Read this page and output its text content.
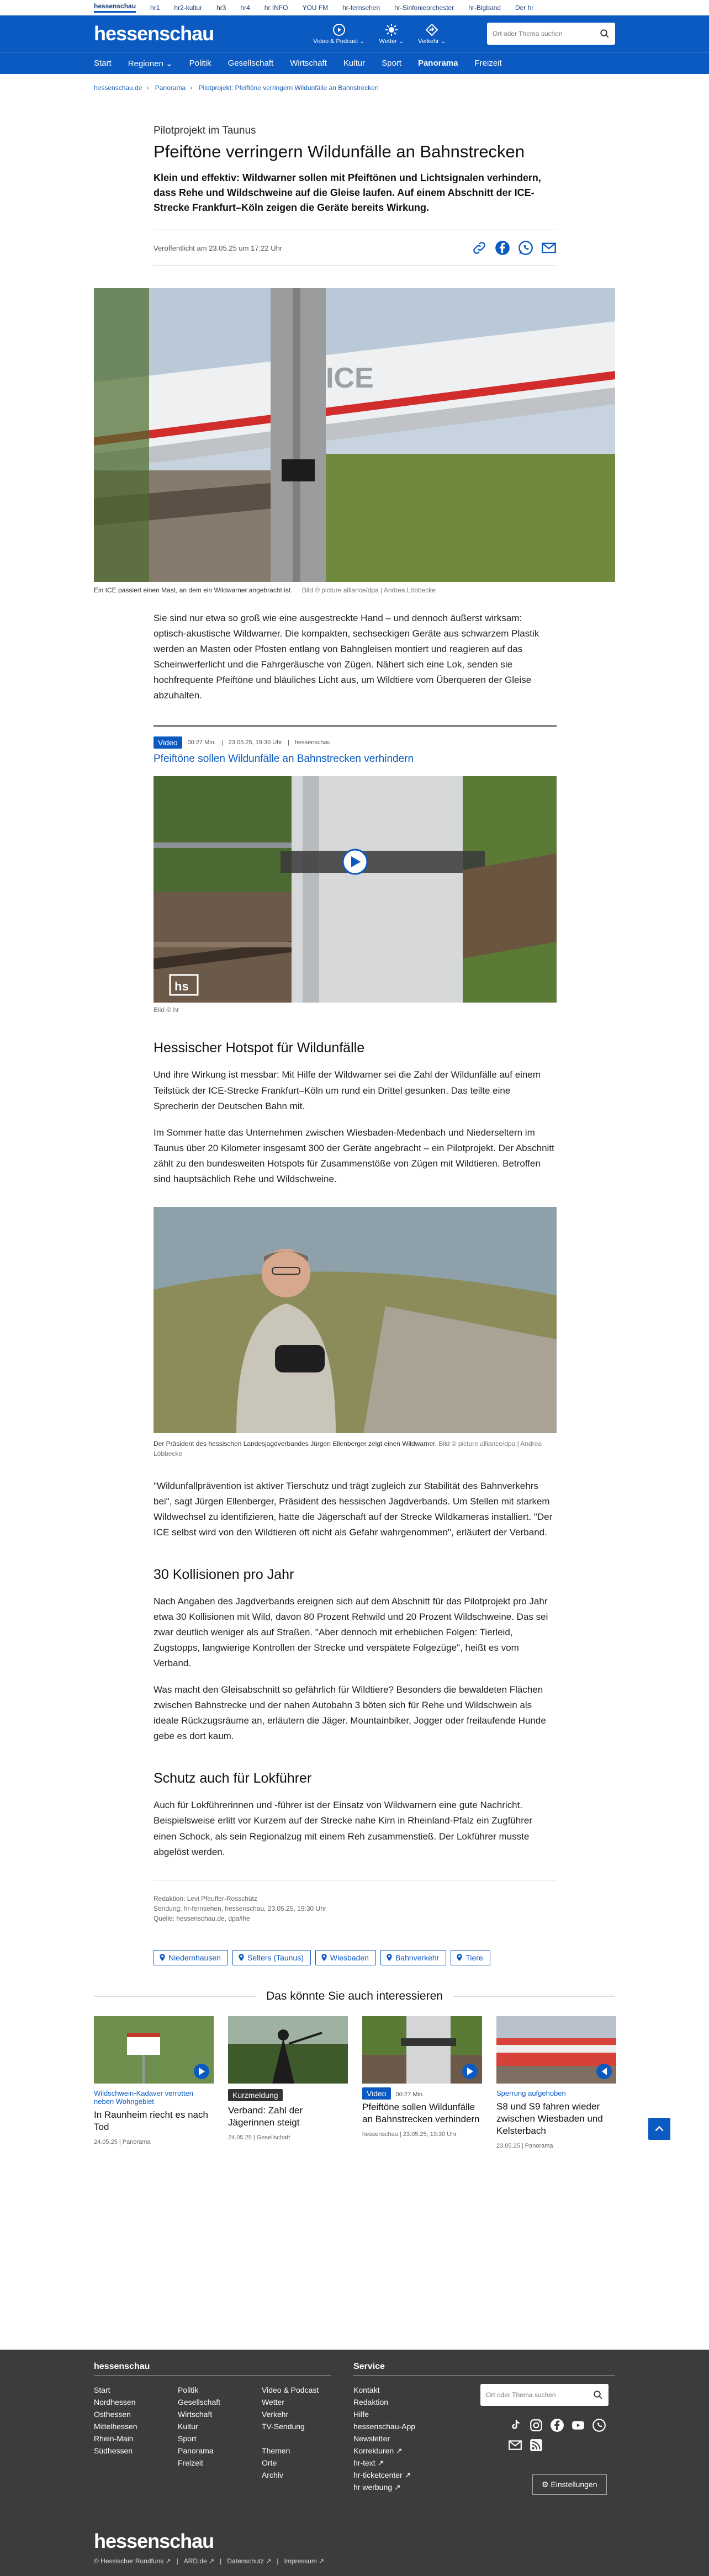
hessenschau hr1 hr2-kultur hr3 hr4 hr INFO YOU FM hr-fernsehen hr-Sinfonieorchester hr-Bigband Der hr
hessenschau	Video & Podcast ⌄ Wetter ⌄ Verkehr ⌄
Ort oder Thema suchen
Start Regionen ⌄ Politik Gesellschaft Wirtschaft Kultur Sport Panorama Freizeit
hessenschau.de › Panorama › Pilotprojekt: Pfeiftöne verringern Wildunfälle an Bahnstrecken
Pilotprojekt im Taunus
Pfeiftöne verringern Wildunfälle an Bahnstrecken
Klein und effektiv: Wildwarner sollen mit Pfeiftönen und Lichtsignalen verhindern, dass Rehe und Wildschweine auf die Gleise laufen. Auf einem Abschnitt der ICE-Strecke Frankfurt–Köln zeigen die Geräte bereits Wirkung.
Veröffentlicht am 23.05.25 um 17:22 Uhr
ICE
Ein ICE passiert einen Mast, an dem ein Wildwarner angebracht ist. Bild © picture alliance/dpa | Andrea Löbbecke

Sie sind nur etwa so groß wie eine ausgestreckte Hand – und dennoch äußerst wirksam: optisch-akustische Wildwarner. Die kompakten, sechseckigen Geräte aus schwarzem Plastik werden an Masten oder Pfosten entlang von Bahngleisen montiert und reagieren auf das Scheinwerferlicht und die Fahrgeräusche von Zügen. Nähert sich eine Lok, senden sie hochfrequente Pfeiftöne und bläuliches Licht aus, um Wildtiere vom Überqueren der Gleise abzuhalten.

Video	00:27 Min. | 23.05.25, 19:30 Uhr | hessenschau
Pfeiftöne sollen Wildunfälle an Bahnstrecken verhindern
hs
Bild © hr
Hessischer Hotspot für Wildunfälle

Und ihre Wirkung ist messbar: Mit Hilfe der Wildwarner sei die Zahl der Wildunfälle auf einem Teilstück der ICE-Strecke Frankfurt–Köln um rund ein Drittel gesunken. Das teilte eine Sprecherin der Deutschen Bahn mit.

Im Sommer hatte das Unternehmen zwischen Wiesbaden-Medenbach und Niederseltern im Taunus über 20 Kilometer insgesamt 300 der Geräte angebracht – ein Pilotprojekt. Der Abschnitt zählt zu den bundesweiten Hotspots für Zusammenstöße von Zügen mit Wildtieren. Betroffen sind hauptsächlich Rehe und Wildschweine.

Der Präsident des hessischen Landesjagdverbandes Jürgen Ellenberger zeigt einen Wildwarner. Bild © picture alliance/dpa | Andrea Löbbecke

"Wildunfallprävention ist aktiver Tierschutz und trägt zugleich zur Stabilität des Bahnverkehrs bei", sagt Jürgen Ellenberger, Präsident des hessischen Jagdverbands. Um Stellen mit starkem Wildwechsel zu identifizieren, hatte die Jägerschaft auf der Strecke Wildkameras installiert. "Der ICE selbst wird von den Wildtieren oft nicht als Gefahr wahrgenommen", erläutert der Verband.

30 Kollisionen pro Jahr

Nach Angaben des Jagdverbands ereignen sich auf dem Abschnitt für das Pilotprojekt pro Jahr etwa 30 Kollisionen mit Wild, davon 80 Prozent Rehwild und 20 Prozent Wildschweine. Das sei zwar deutlich weniger als auf Straßen. "Aber dennoch mit erheblichen Folgen: Tierleid, Zugstopps, langwierige Kontrollen der Strecke und verspätete Folgezüge", heißt es vom Verband.

Was macht den Gleisabschnitt so gefährlich für Wildtiere? Besonders die bewaldeten Flächen zwischen Bahnstrecke und der nahen Autobahn 3 böten sich für Rehe und Wildschwein als ideale Rückzugsräume an, erläutern die Jäger. Mountainbiker, Jogger oder freilaufende Hunde gebe es dort kaum.

Schutz auch für Lokführer

Auch für Lokführerinnen und -führer ist der Einsatz von Wildwarnern eine gute Nachricht. Beispielsweise erlitt vor Kurzem auf der Strecke nahe Kirn in Rheinland-Pfalz ein Zugführer einen Schock, als sein Regionalzug mit einem Reh zusammenstieß. Der Lokführer musste abgelöst werden.

Redaktion: Levi Pfeuffer-Rosschütz
Sendung: hr-fernsehen, hessenschau, 23.05.25, 19:30 Uhr
Quelle: hessenschau.de, dpa/lhe
Niedernhausen	Selters (Taunus)	Wiesbaden	Bahnverkehr	Tiere
Das könnte Sie auch interessieren
Wildschwein-Kadaver verrotten neben Wohngebiet
In Raunheim riecht es nach Tod
24.05.25 | Panorama
Kurzmeldung
Verband: Zahl der Jägerinnen steigt
24.05.25 | Gesellschaft
Video 00:27 Min.
Pfeiftöne sollen Wildunfälle an Bahnstrecken verhindern
hessenschau | 23.05.25, 19:30 Uhr
Sperrung aufgehoben
S8 und S9 fahren wieder zwischen Wiesbaden und Kelsterbach
23.05.25 | Panorama
hessenschau	Service
Start
Nordhessen
Osthessen
Mittelhessen
Rhein-Main
Südhessen
Politik
Gesellschaft
Wirtschaft
Kultur
Sport
Panorama
Freizeit
Video & Podcast
Wetter
Verkehr
TV-Sendung
Themen
Orte
Archiv
Kontakt
Redaktion
Hilfe
hessenschau-App
Newsletter
Korrekturen ↗
hr-text ↗
hr-ticketcenter ↗
hr werbung ↗
Ort oder Thema suchen
⚙ Einstellungen
hessenschau
© Hessischer Rundfunk ↗ | ARD.de ↗ | Datenschutz ↗ | Impressum ↗
